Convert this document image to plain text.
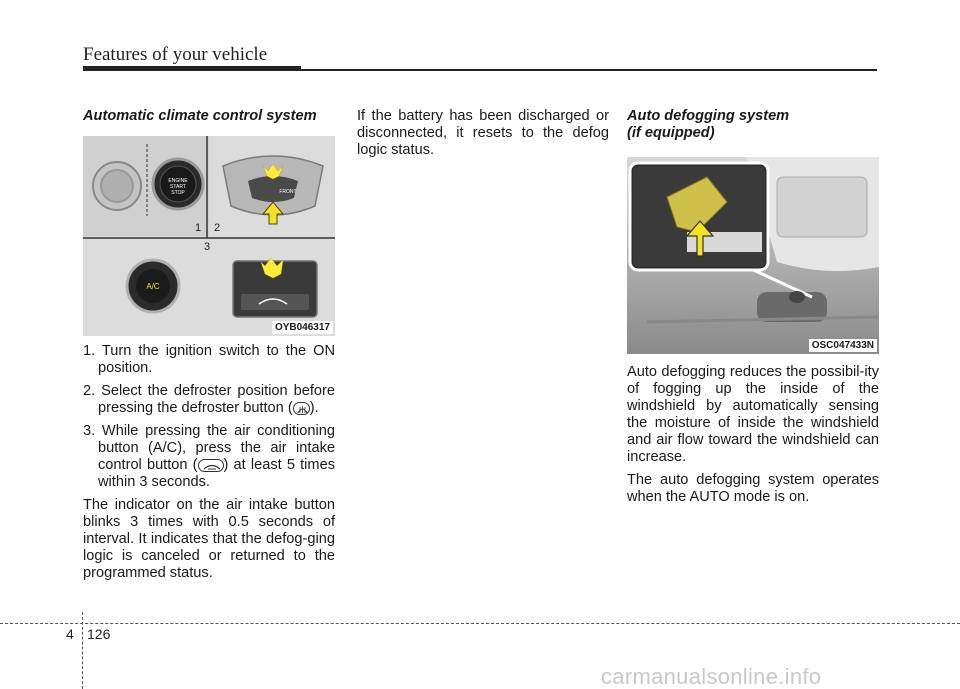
Features of your vehicle
Automatic climate control system
ENGINE
START
STOP	FRONT
1 2
3
A/C
OYB046317
1. Turn the ignition switch to the ON position.
2. Select the defroster position before pressing the defroster button ( ).
3. While pressing the air conditioning button (A/C), press the air intake control button ( ) at least 5 times within 3 seconds.
The indicator on the air intake button blinks 3 times with 0.5 seconds of interval. It indicates that the defog-ging logic is canceled or returned to the programmed status.
If the battery has been discharged or disconnected, it resets to the defog logic status.
Auto defogging system
(if equipped)
OSC047433N
Auto defogging reduces the possibil-ity of fogging up the inside of the windshield by automatically sensing the moisture of inside the windshield and air flow toward the windshield can increase.
The auto defogging system operates when the AUTO mode is on.
4 126
carmanualsonline.info
